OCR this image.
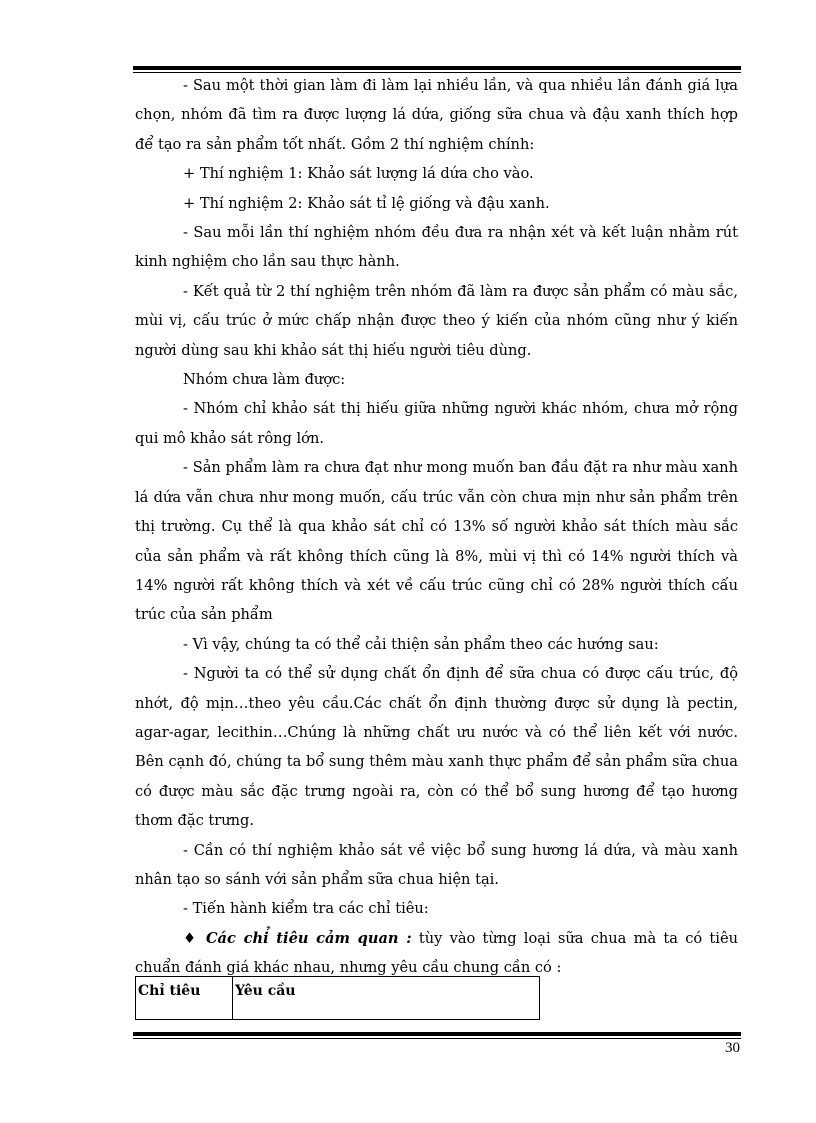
- Sau một thời gian làm đi làm lại nhiều lần, và qua nhiều lần đánh giá lựa chọn, nhóm đã tìm ra được lượng lá dứa, giống sữa chua và đậu xanh thích hợp để tạo ra sản phẩm tốt nhất. Gồm 2 thí nghiệm chính:

+ Thí nghiệm 1: Khảo sát lượng lá dứa cho vào.

+ Thí nghiệm 2: Khảo sát tỉ lệ giống và đậu xanh.

- Sau mỗi lần thí nghiệm nhóm đều đưa ra nhận xét và kết luận nhằm rút kinh nghiệm cho lần sau thực hành.

- Kết quả từ 2 thí nghiệm trên nhóm đã làm ra được sản phẩm có màu sắc, mùi vị, cấu trúc ở mức chấp nhận được theo ý kiến của nhóm cũng như ý kiến người dùng sau khi khảo sát thị hiếu người tiêu dùng.

Nhóm chưa làm được:

- Nhóm chỉ khảo sát thị hiếu giữa những người khác nhóm, chưa mở rộng qui mô khảo sát rông lớn.

- Sản phẩm làm ra chưa đạt như mong muốn ban đầu đặt ra như màu xanh lá dứa vẫn chưa như mong muốn, cấu trúc vẫn còn chưa mịn như sản phẩm trên thị trường. Cụ thể là qua khảo sát chỉ có 13% số người khảo sát thích màu sắc của sản phẩm và rất không thích cũng là 8%, mùi vị thì có 14% người thích và 14% người rất không thích và xét về cấu trúc cũng chỉ có 28% người thích cấu trúc của sản phẩm

- Vì vậy, chúng ta có thể cải thiện sản phẩm theo các hướng sau:

- Người ta có thể sử dụng chất ổn định để sữa chua có được cấu trúc, độ nhớt, độ mịn…theo yêu cầu.Các chất ổn định thường được sử dụng là pectin, agar-agar, lecithin…Chúng là những chất ưu nước và có thể liên kết với nước. Bên cạnh đó, chúng ta bổ sung thêm màu xanh thực phẩm để sản phẩm sữa chua có được màu sắc đặc trưng ngoài ra, còn có thể bổ sung hương để tạo hương thơm đặc trưng.

- Cần có thí nghiệm khảo sát về việc bổ sung hương lá dứa, và màu xanh nhân tạo so sánh với sản phẩm sữa chua hiện tại.

- Tiến hành kiểm tra các chỉ tiêu:

♦ Các chỉ tiêu cảm quan : tùy vào từng loại sữa chua mà ta có tiêu chuẩn đánh giá khác nhau, nhưng yêu cầu chung cần có :

Chỉ tiêu	Yêu cầu
30
